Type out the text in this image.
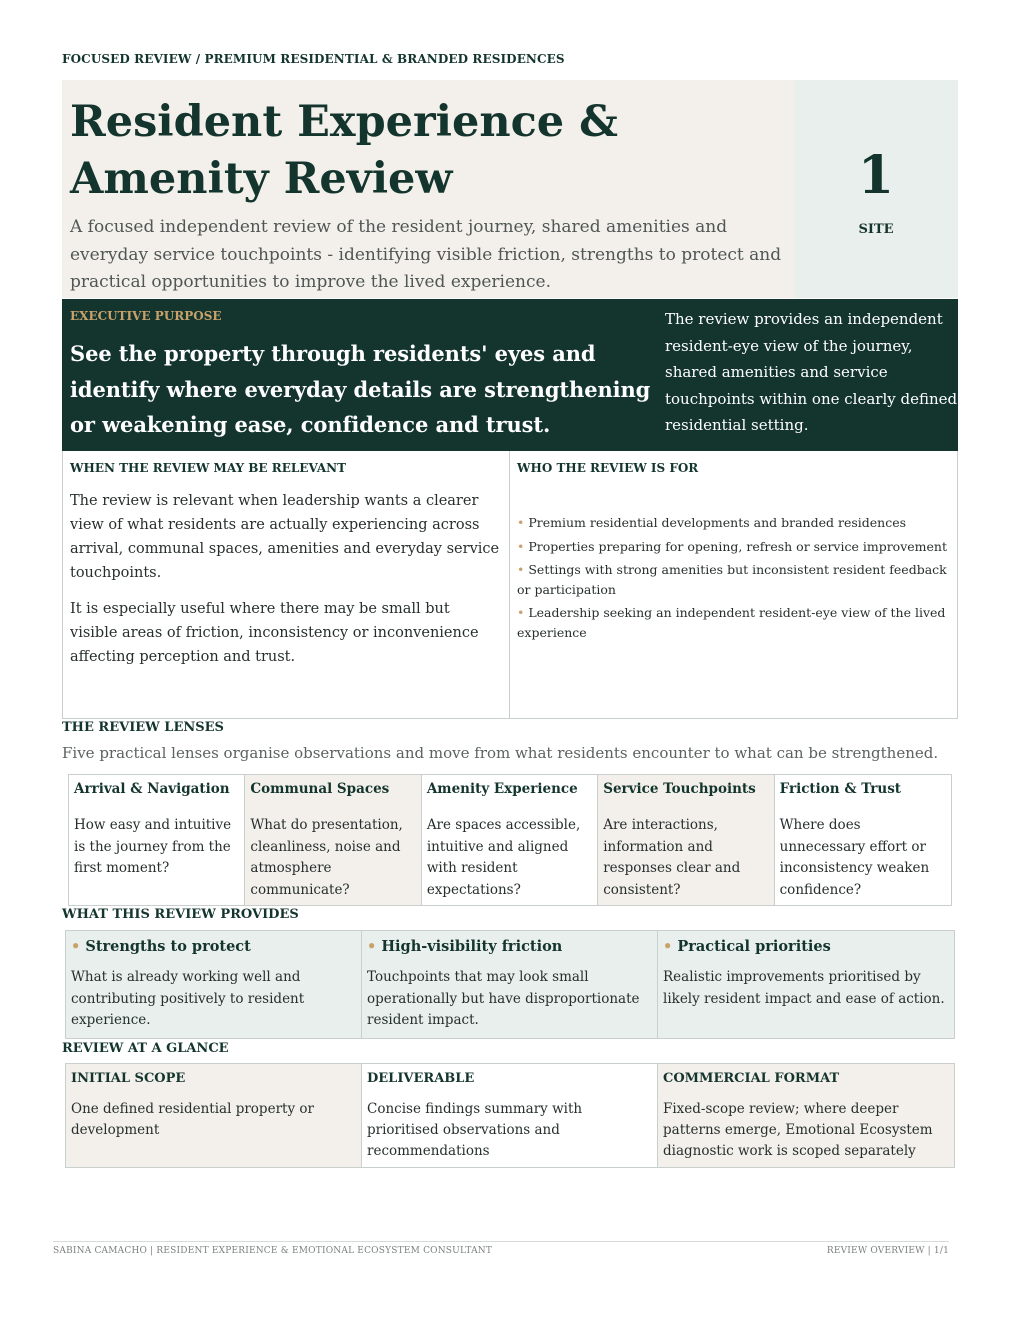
FOCUSED REVIEW / PREMIUM RESIDENTIAL & BRANDED RESIDENCES
Resident Experience &
Amenity Review
A focused independent review of the resident journey, shared amenities and everyday service touchpoints - identifying visible friction, strengths to protect and practical opportunities to improve the lived experience.
1
SITE
EXECUTIVE PURPOSE
See the property through residents' eyes and identify where everyday details are strengthening or weakening ease, confidence and trust.
The review provides an independent resident-eye view of the journey, shared amenities and service touchpoints within one clearly defined residential setting.
WHEN THE REVIEW MAY BE RELEVANT

The review is relevant when leadership wants a clearer view of what residents are actually experiencing across arrival, communal spaces, amenities and everyday service touchpoints.

It is especially useful where there may be small but visible areas of friction, inconsistency or inconvenience affecting perception and trust.

WHO THE REVIEW IS FOR
• Premium residential developments and branded residences
• Properties preparing for opening, refresh or service improvement
• Settings with strong amenities but inconsistent resident feedback or participation
• Leadership seeking an independent resident-eye view of the lived experience
THE REVIEW LENSES
Five practical lenses organise observations and move from what residents encounter to what can be strengthened.
Arrival & Navigation
How easy and intuitive is the journey from the first moment?
Communal Spaces
What do presentation, cleanliness, noise and atmosphere communicate?
Amenity Experience
Are spaces accessible, intuitive and aligned with resident expectations?
Service Touchpoints
Are interactions, information and responses clear and consistent?
Friction & Trust
Where does unnecessary effort or inconsistency weaken confidence?
WHAT THIS REVIEW PROVIDES
• Strengths to protect
What is already working well and contributing positively to resident experience.
• High-visibility friction
Touchpoints that may look small operationally but have disproportionate resident impact.
• Practical priorities
Realistic improvements prioritised by likely resident impact and ease of action.
REVIEW AT A GLANCE
INITIAL SCOPE
One defined residential property or development
DELIVERABLE
Concise findings summary with prioritised observations and recommendations
COMMERCIAL FORMAT
Fixed-scope review; where deeper patterns emerge, Emotional Ecosystem diagnostic work is scoped separately
SABINA CAMACHO | RESIDENT EXPERIENCE & EMOTIONAL ECOSYSTEM CONSULTANT	REVIEW OVERVIEW | 1/1
